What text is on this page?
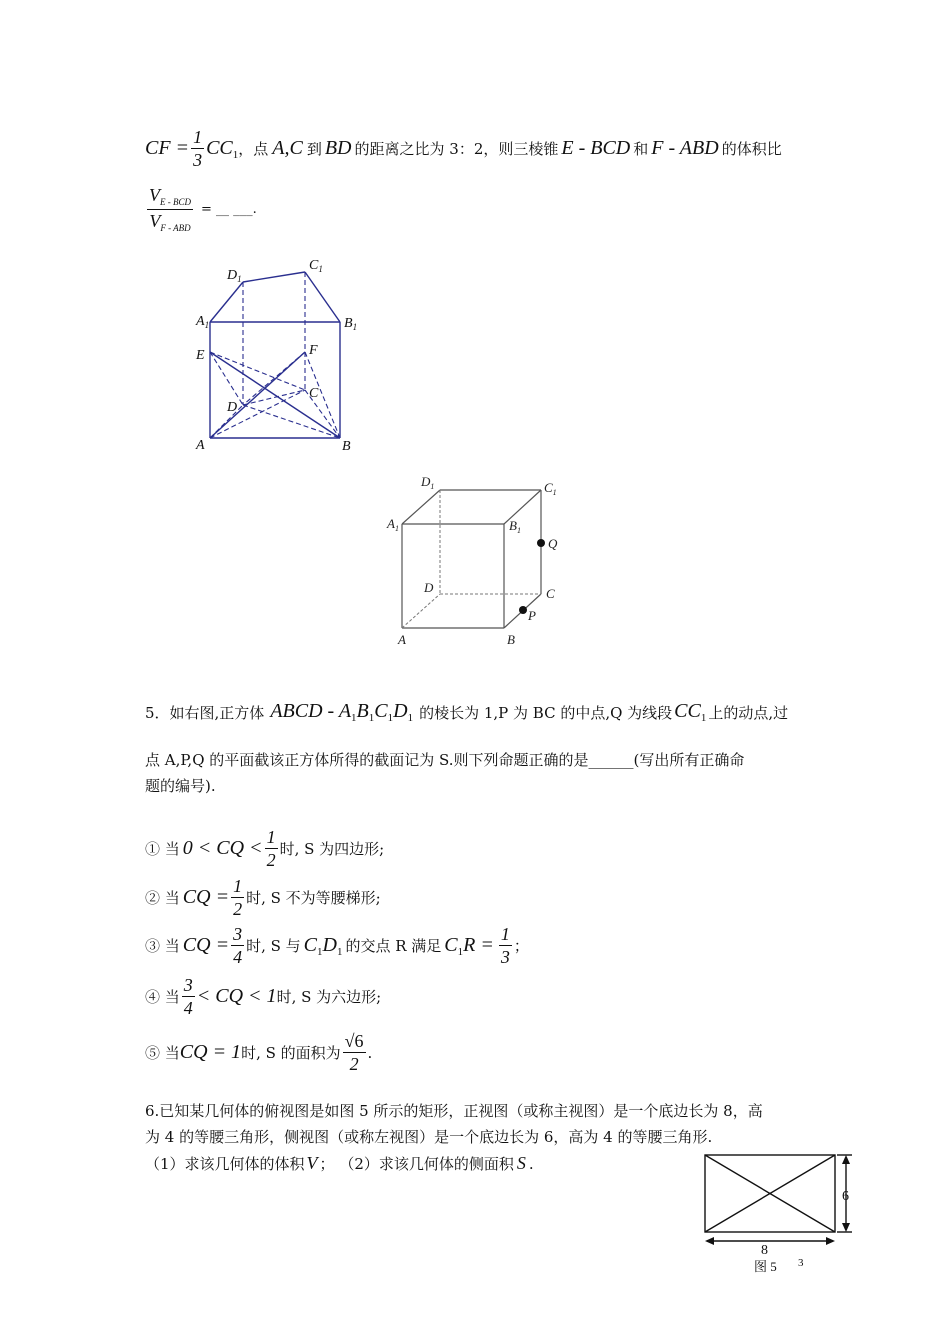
CF = $\frac{1}{3} CC_1$ ，点 A,C 到 BD 的距离之比为 3：2，则三棱锥 E - BCD 和 F - ABD 的体积比
$\frac{V_{E - BCD}}{V_{F - ABD}}$ = __ ___.
$D_1$
$C_1$
$A_1$	$B_1$
E	F
D
C
A	B
$D_1$	$C_1$
$A_1$	$B_1$
Q
D	C
P
A	B
5．如右图,正方体 ABCD - $A_1B_1C_1D_1$ 的棱长为 1,P 为 BC 的中点,Q 为线段 $CC_1$ 上的动点,过
点 A,P,Q 的平面截该正方体所得的截面记为 S.则下列命题正确的是______(写出所有正确命
题的编号).
① 当 0 < CQ < $\frac{1}{2}$ 时, S 为四边形;
② 当 CQ = $\frac{1}{2}$ 时, S 不为等腰梯形;
③ 当 CQ = $\frac{3}{4}$ 时, S 与 $C_1D_1$ 的交点 R 满足 $C_1R = \frac{1}{3}$ ；
④ 当 $\frac{3}{4}$ < CQ < 1 时, S 为六边形;
⑤ 当 CQ = 1 时, S 的面积为 $\frac{√6}{2}$ .
6.已知某几何体的俯视图是如图 5 所示的矩形，正视图（或称主视图）是一个底边长为 8，高
为 4 的等腰三角形，侧视图（或称左视图）是一个底边长为 6，高为 4 的等腰三角形.
（1）求该几何体的体积 V ； （2）求该几何体的侧面积 S .
6
8
图 5 3
